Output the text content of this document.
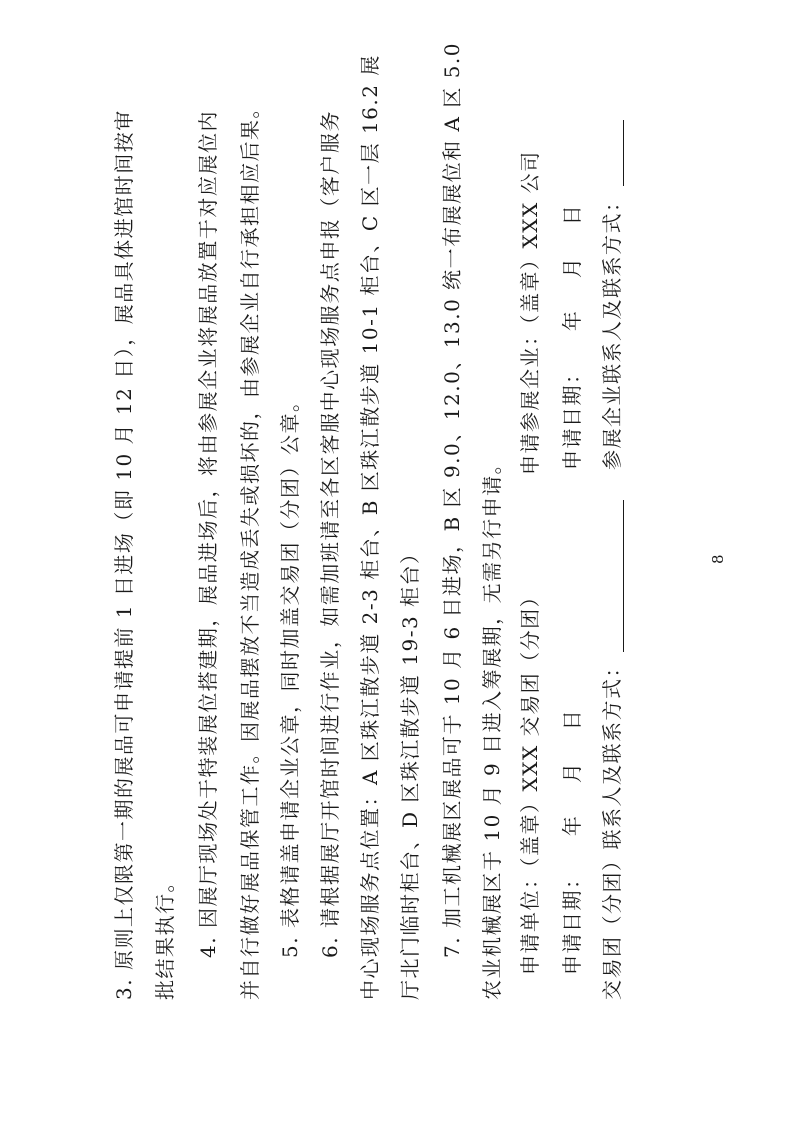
3. 原则上仅限第一期的展品可申请提前 1 日进场（即 10 月 12 日），展品具体进馆时间按审 批结果执行。 4. 因展厅现场处于特装展位搭建期，展品进场后，将由参展企业将展品放置于对应展位内 并自行做好展品保管工作。因展品摆放不当造成丢失或损坏的，由参展企业自行承担相应后果。 5. 表格请盖申请企业公章，同时加盖交易团（分团）公章。 6. 请根据展厅开馆时间进行作业，如需加班请至各区客服中心现场服务点申报（客户服务 中心现场服务点位置：A 区珠江散步道 2-3 柜台、B 区珠江散步道 10-1 柜台、C 区一层 16.2 展 厅北门临时柜台、D 区珠江散步道 19-3 柜台） 7. 加工机械展区展品可于 10 月 6 日进场，B 区 9.0、12.0、13.0 统一布展展位和 A 区 5.0 农业机械展区于 10 月 9 日进入筹展期，无需另行申请。 申请单位：（盖章）XXX 交易团（分团） 申请日期：    年    月    日 交易团（分团）联系人及联系方式：
申请参展企业：（盖章）XXX 公司 申请日期：    年    月    日 参展企业联系人及联系方式：
8
